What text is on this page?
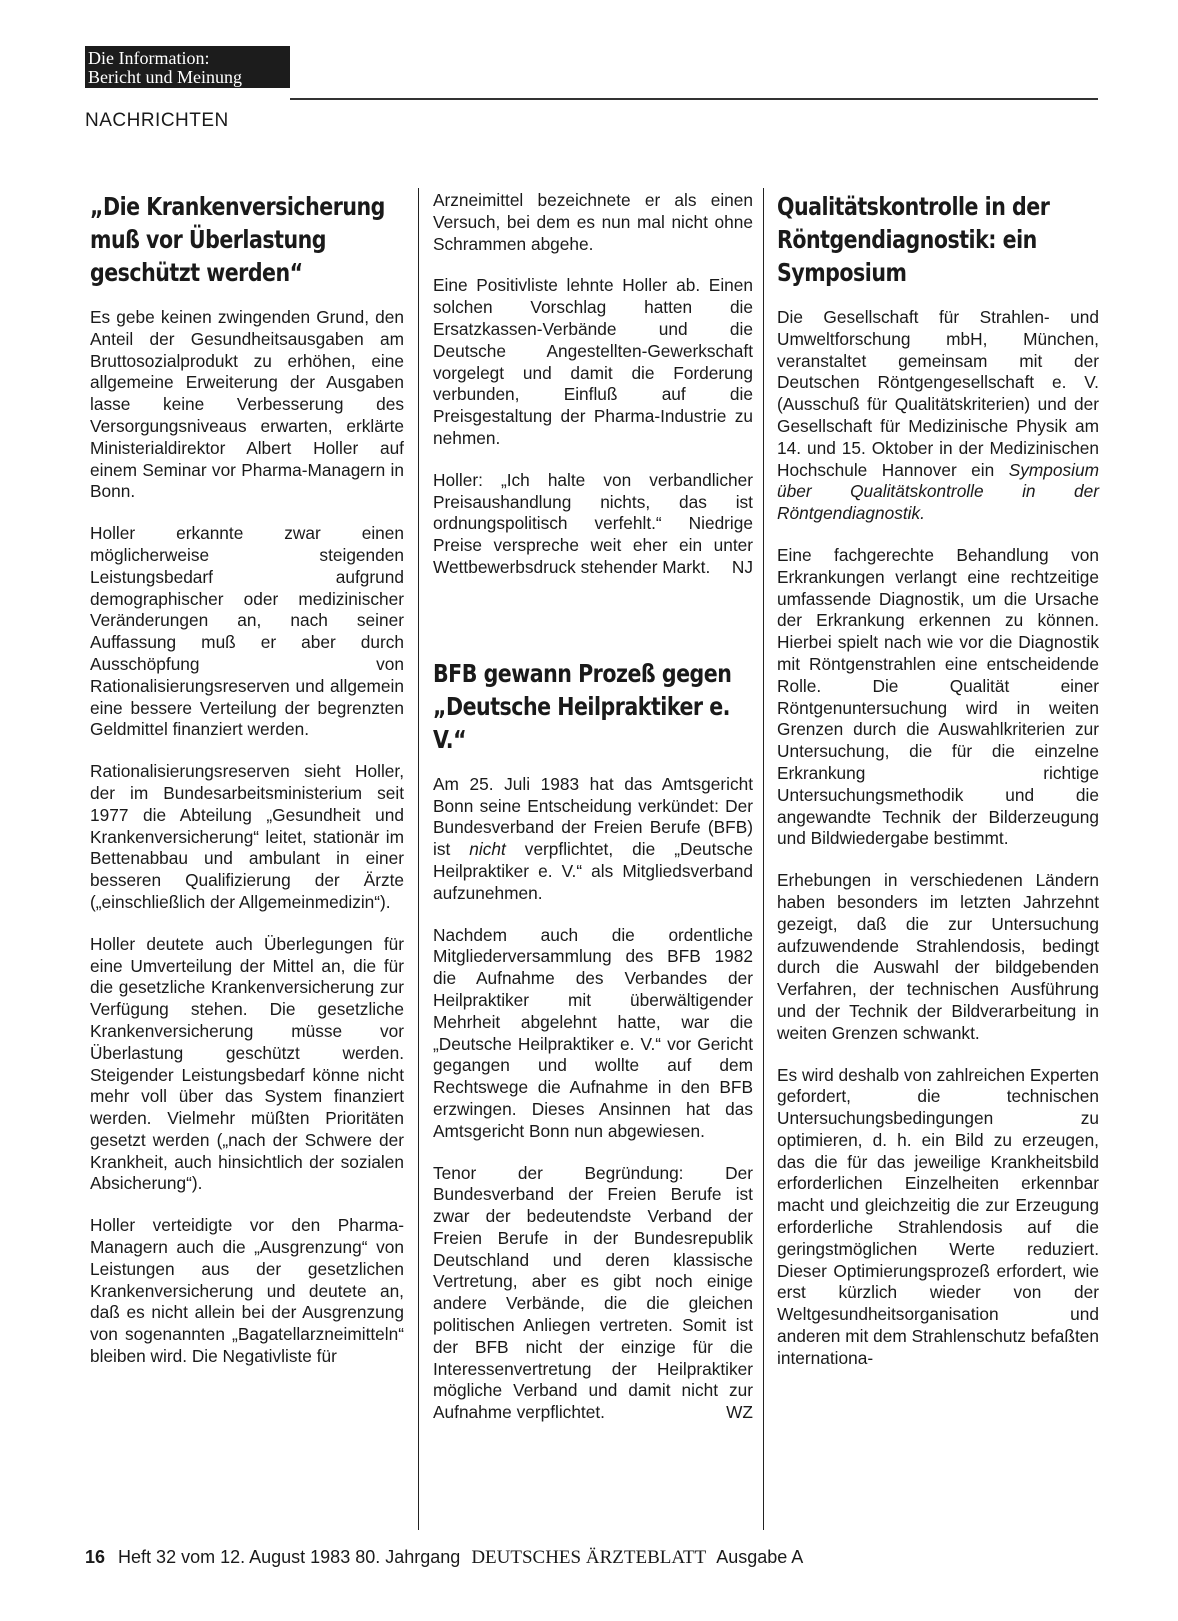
Die Information:
Bericht und Meinung
NACHRICHTEN
„Die Krankenversicherung muß vor Überlastung geschützt werden“

Es gebe keinen zwingenden Grund, den Anteil der Gesundheitsausgaben am Bruttosozialprodukt zu erhöhen, eine allgemeine Erweiterung der Ausgaben lasse keine Verbesserung des Versorgungsniveaus erwarten, erklärte Ministerialdirektor Albert Holler auf einem Seminar vor Pharma-Managern in Bonn.

Holler erkannte zwar einen möglicherweise steigenden Leistungsbedarf aufgrund demographischer oder medizinischer Veränderungen an, nach seiner Auffassung muß er aber durch Ausschöpfung von Rationalisierungsreserven und allgemein eine bessere Verteilung der begrenzten Geldmittel finanziert werden.

Rationalisierungsreserven sieht Holler, der im Bundesarbeitsministerium seit 1977 die Abteilung „Gesundheit und Krankenversicherung“ leitet, stationär im Bettenabbau und ambulant in einer besseren Qualifizierung der Ärzte („einschließlich der Allgemeinmedizin“).

Holler deutete auch Überlegungen für eine Umverteilung der Mittel an, die für die gesetzliche Krankenversicherung zur Verfügung stehen. Die gesetzliche Krankenversicherung müsse vor Überlastung geschützt werden. Steigender Leistungsbedarf könne nicht mehr voll über das System finanziert werden. Vielmehr müßten Prioritäten gesetzt werden („nach der Schwere der Krankheit, auch hinsichtlich der sozialen Absicherung“).

Holler verteidigte vor den Pharma-Managern auch die „Ausgrenzung“ von Leistungen aus der gesetzlichen Krankenversicherung und deutete an, daß es nicht allein bei der Ausgrenzung von sogenannten „Bagatellarzneimitteln“ bleiben wird. Die Negativliste für

Arzneimittel bezeichnete er als einen Versuch, bei dem es nun mal nicht ohne Schrammen abgehe.

Eine Positivliste lehnte Holler ab. Einen solchen Vorschlag hatten die Ersatzkassen-Verbände und die Deutsche Angestellten-Gewerkschaft vorgelegt und damit die Forderung verbunden, Einfluß auf die Preisgestaltung der Pharma-Industrie zu nehmen.

Holler: „Ich halte von verbandlicher Preisaushandlung nichts, das ist ordnungspolitisch verfehlt.“ Niedrige Preise verspreche weit eher ein unter Wettbewerbsdruck stehender Markt. NJ

BFB gewann Prozeß gegen „Deutsche Heilpraktiker e. V.“

Am 25. Juli 1983 hat das Amtsgericht Bonn seine Entscheidung verkündet: Der Bundesverband der Freien Berufe (BFB) ist nicht verpflichtet, die „Deutsche Heilpraktiker e. V.“ als Mitgliedsverband aufzunehmen.

Nachdem auch die ordentliche Mitgliederversammlung des BFB 1982 die Aufnahme des Verbandes der Heilpraktiker mit überwältigender Mehrheit abgelehnt hatte, war die „Deutsche Heilpraktiker e. V.“ vor Gericht gegangen und wollte auf dem Rechtswege die Aufnahme in den BFB erzwingen. Dieses Ansinnen hat das Amtsgericht Bonn nun abgewiesen.

Tenor der Begründung: Der Bundesverband der Freien Berufe ist zwar der bedeutendste Verband der Freien Berufe in der Bundesrepublik Deutschland und deren klassische Vertretung, aber es gibt noch einige andere Verbände, die die gleichen politischen Anliegen vertreten. Somit ist der BFB nicht der einzige für die Interessenvertretung der Heilpraktiker mögliche Verband und damit nicht zur Aufnahme verpflichtet.	WZ

Qualitätskontrolle in der Röntgendiagnostik: ein Symposium

Die Gesellschaft für Strahlen- und Umweltforschung mbH, München, veranstaltet gemeinsam mit der Deutschen Röntgengesellschaft e. V. (Ausschuß für Qualitätskriterien) und der Gesellschaft für Medizinische Physik am 14. und 15. Oktober in der Medizinischen Hochschule Hannover ein Symposium über Qualitätskontrolle in der Röntgendiagnostik.

Eine fachgerechte Behandlung von Erkrankungen verlangt eine rechtzeitige umfassende Diagnostik, um die Ursache der Erkrankung erkennen zu können. Hierbei spielt nach wie vor die Diagnostik mit Röntgenstrahlen eine entscheidende Rolle. Die Qualität einer Röntgenuntersuchung wird in weiten Grenzen durch die Auswahlkriterien zur Untersuchung, die für die einzelne Erkrankung richtige Untersuchungsmethodik und die angewandte Technik der Bilderzeugung und Bildwiedergabe bestimmt.

Erhebungen in verschiedenen Ländern haben besonders im letzten Jahrzehnt gezeigt, daß die zur Untersuchung aufzuwendende Strahlendosis, bedingt durch die Auswahl der bildgebenden Verfahren, der technischen Ausführung und der Technik der Bildverarbeitung in weiten Grenzen schwankt.

Es wird deshalb von zahlreichen Experten gefordert, die technischen Untersuchungsbedingungen zu optimieren, d. h. ein Bild zu erzeugen, das die für das jeweilige Krankheitsbild erforderlichen Einzelheiten erkennbar macht und gleichzeitig die zur Erzeugung erforderliche Strahlendosis auf die geringstmöglichen Werte reduziert. Dieser Optimierungsprozeß erfordert, wie erst kürzlich wieder von der Weltgesundheitsorganisation und anderen mit dem Strahlenschutz befaßten internationa-

16 Heft 32 vom 12. August 1983 80. Jahrgang DEUTSCHES ÄRZTEBLATT Ausgabe A
